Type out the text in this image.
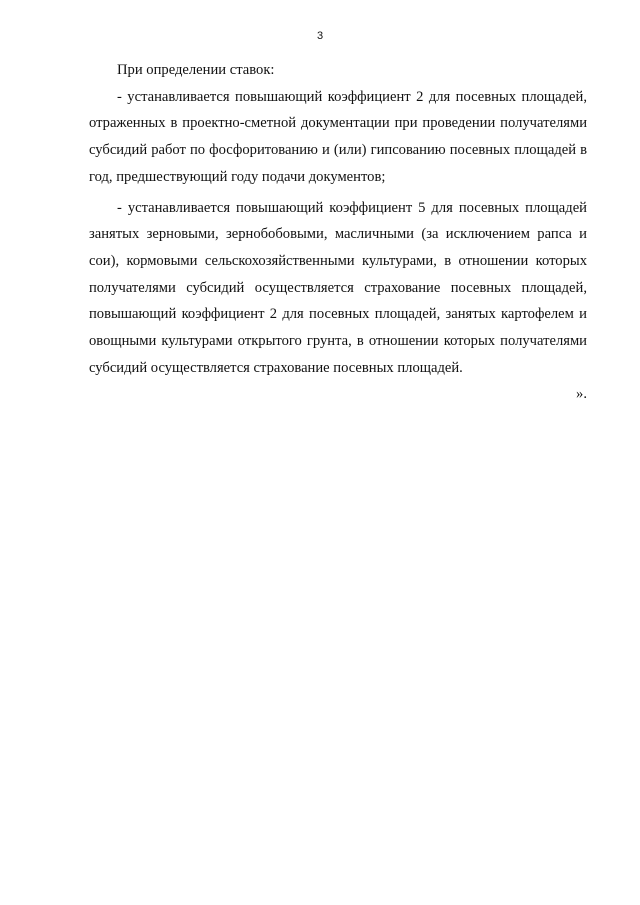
3

При определении ставок:

- устанавливается повышающий коэффициент 2 для посевных площадей, отраженных в проектно-сметной документации при проведении получателями субсидий работ по фосфоритованию и (или) гипсованию посевных площадей в год, предшествующий году подачи документов;

- устанавливается повышающий коэффициент 5 для посевных площадей занятых зерновыми, зернобобовыми, масличными (за исключением рапса и сои), кормовыми сельскохозяйственными культурами, в отношении которых получателями субсидий осуществляется страхование посевных площадей, повышающий коэффициент 2 для посевных площадей, занятых картофелем и овощными культурами открытого грунта, в отношении которых получателями субсидий осуществляется страхование посевных площадей.

».
